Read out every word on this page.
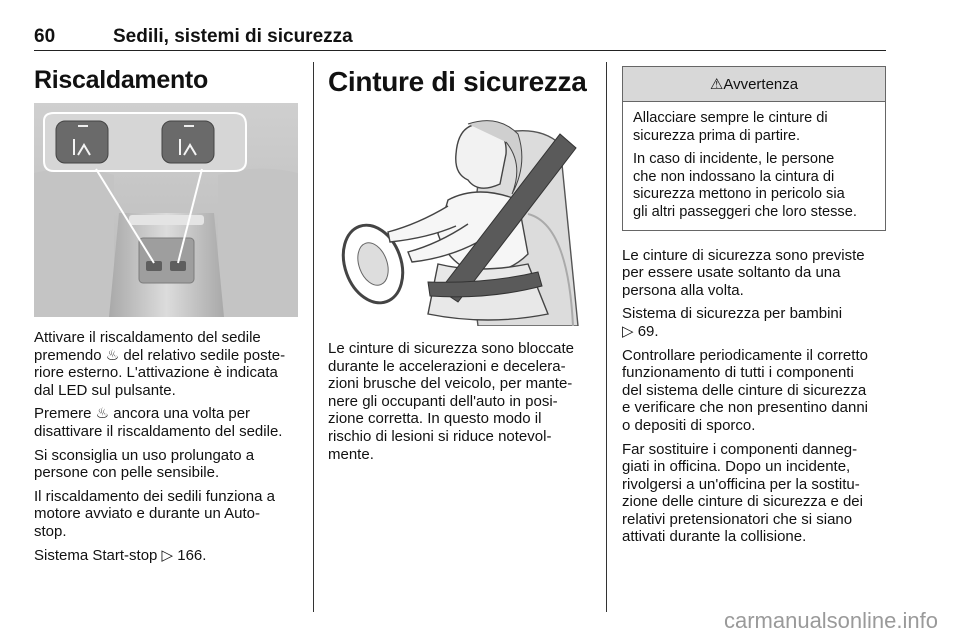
60	Sedili, sistemi di sicurezza
Riscaldamento

Attivare il riscaldamento del sedile
premendo ♨ del relativo sedile poste-
riore esterno. L'attivazione è indicata
dal LED sul pulsante.

Premere ♨ ancora una volta per
disattivare il riscaldamento del sedile.

Si sconsiglia un uso prolungato a
persone con pelle sensibile.

Il riscaldamento dei sedili funziona a
motore avviato e durante un Auto-
stop.

Sistema Start-stop ▷ 166.

Cinture di sicurezza

Le cinture di sicurezza sono bloccate
durante le accelerazioni e decelera-
zioni brusche del veicolo, per mante-
nere gli occupanti dell'auto in posi-
zione corretta. In questo modo il
rischio di lesioni si riduce notevol-
mente.

⚠Avvertenza

Allacciare sempre le cinture di
sicurezza prima di partire.

In caso di incidente, le persone
che non indossano la cintura di
sicurezza mettono in pericolo sia
gli altri passeggeri che loro stesse.

Le cinture di sicurezza sono previste
per essere usate soltanto da una
persona alla volta.

Sistema di sicurezza per bambini
▷ 69.

Controllare periodicamente il corretto
funzionamento di tutti i componenti
del sistema delle cinture di sicurezza
e verificare che non presentino danni
o depositi di sporco.

Far sostituire i componenti danneg-
giati in officina. Dopo un incidente,
rivolgersi a un'officina per la sostitu-
zione delle cinture di sicurezza e dei
relativi pretensionatori che si siano
attivati durante la collisione.

carmanualsonline.info
